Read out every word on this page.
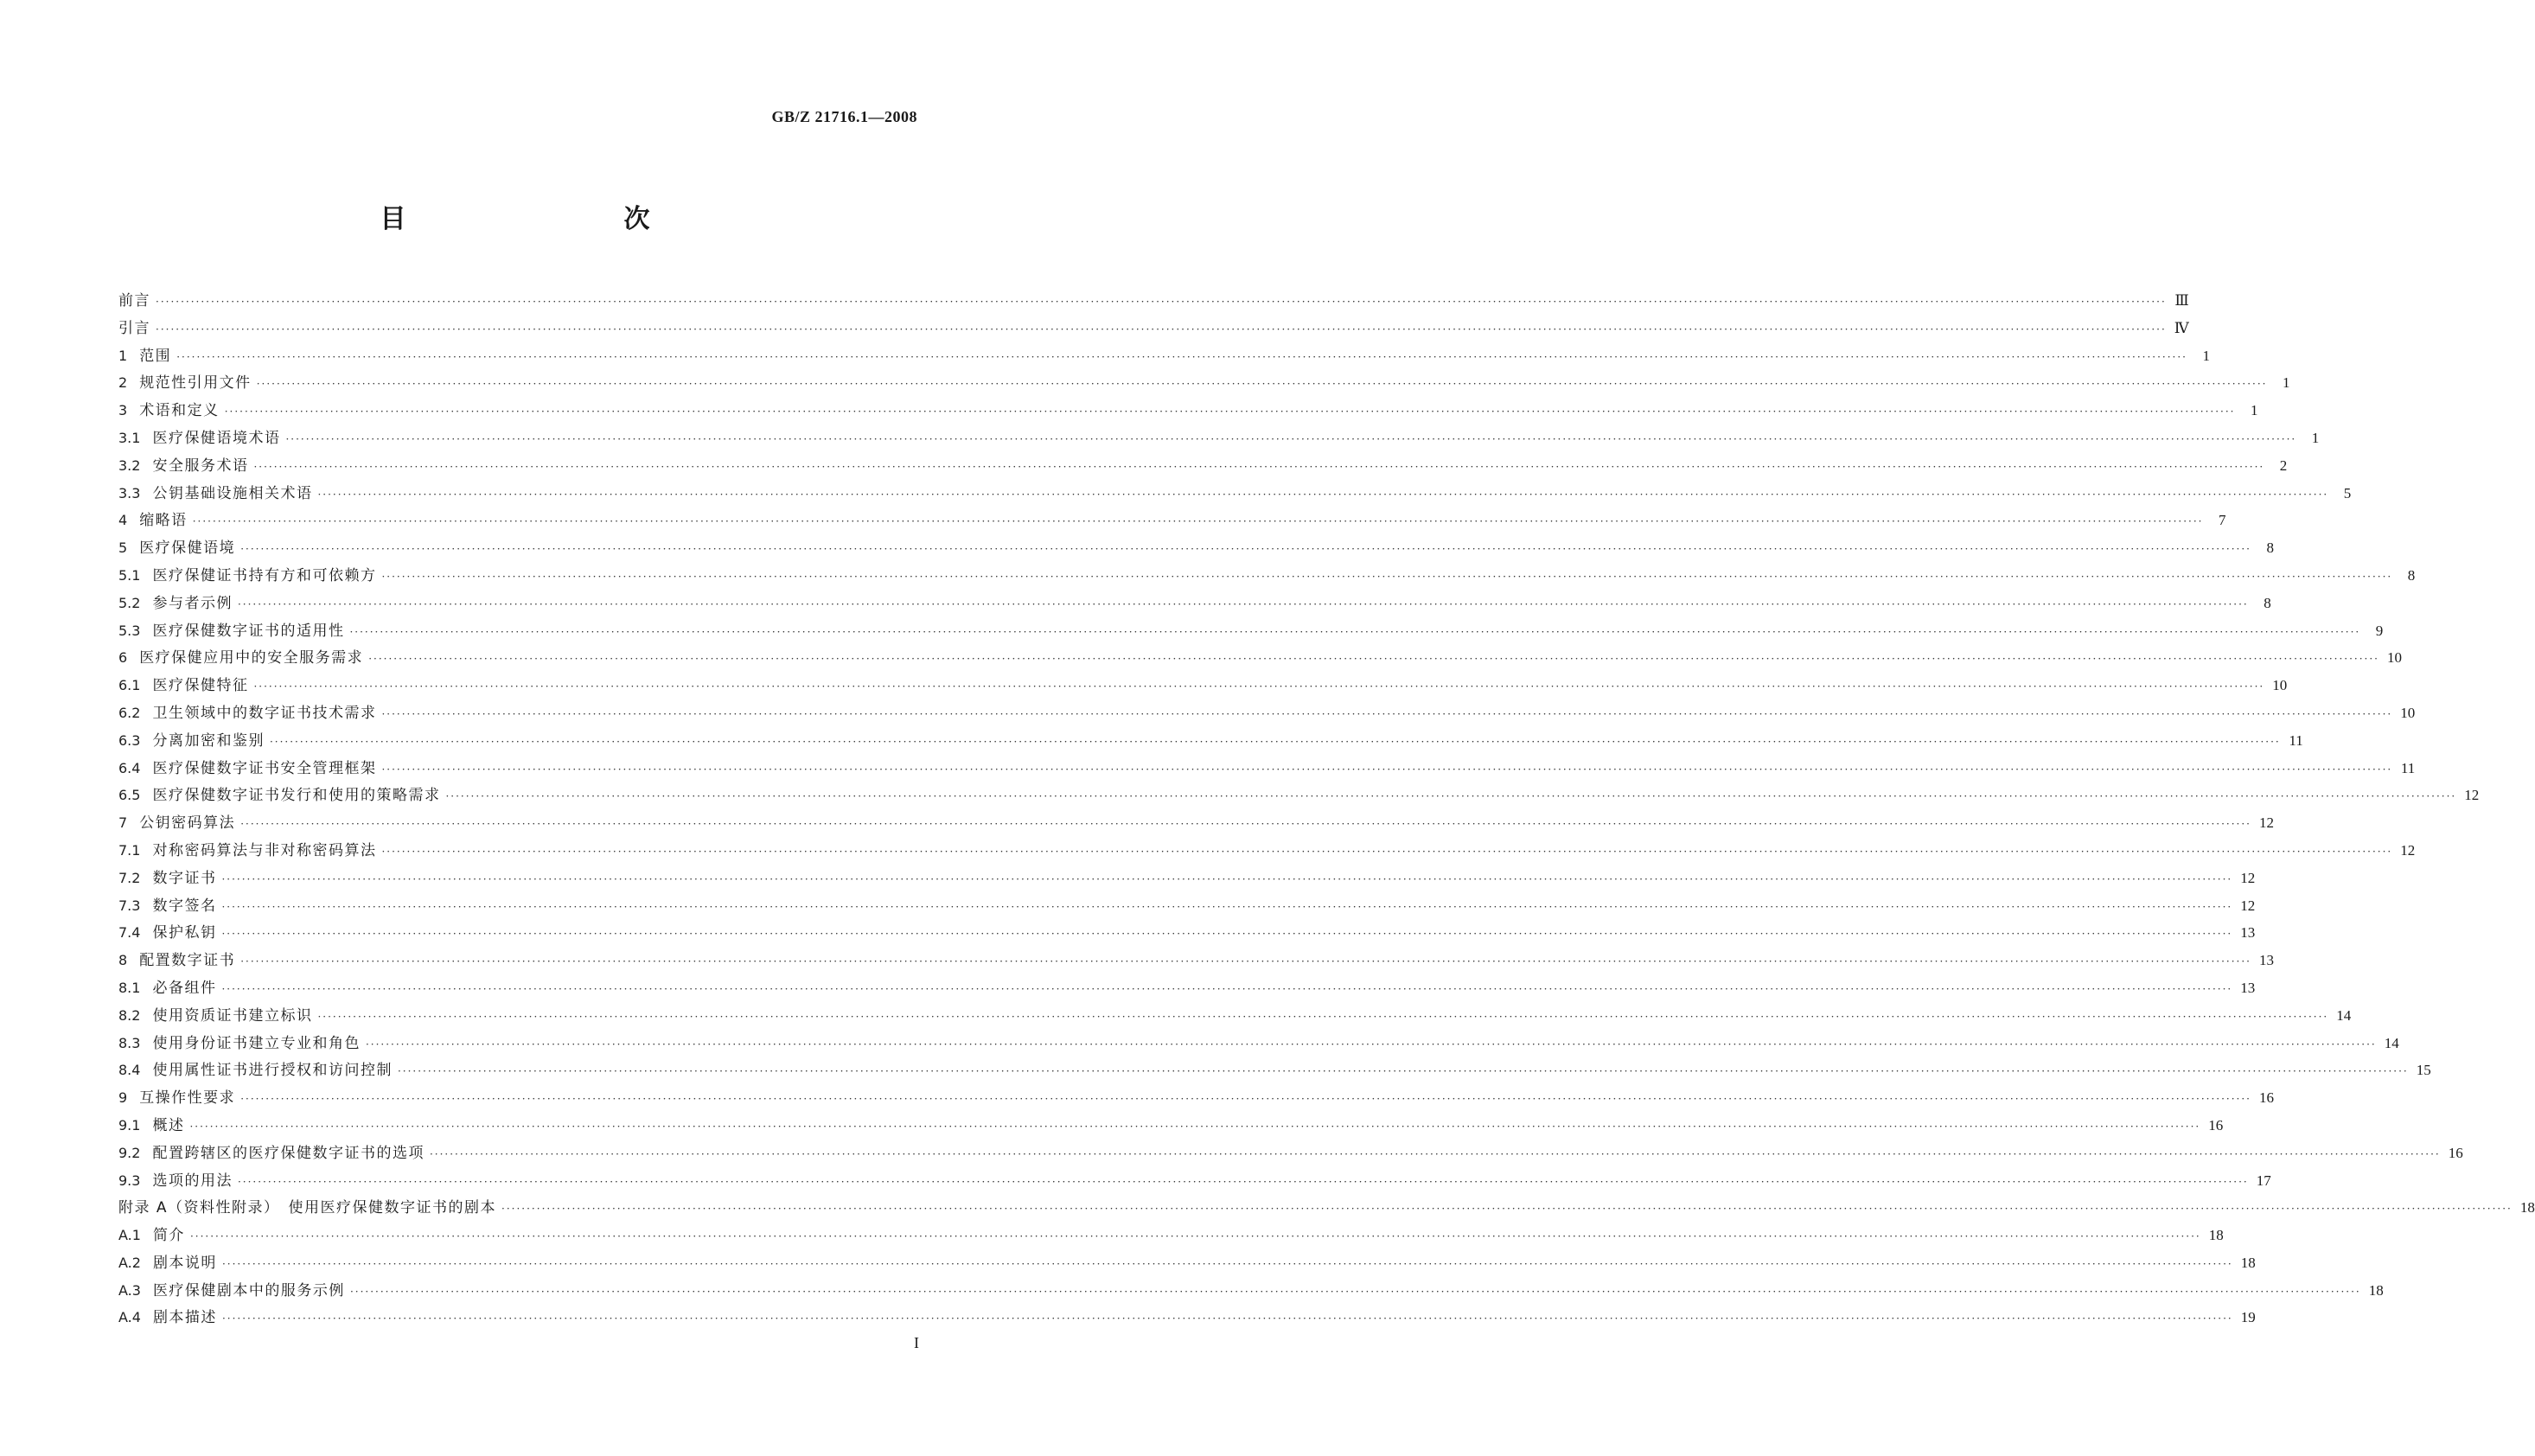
GB/Z 21716.1—2008
目　　次
前言 ················································································································································································································································································································································································································ Ⅲ
引言 ················································································································································································································································································································································································································ Ⅳ
1 范围 ················································································································································································································································································································································································································	1
2 规范性引用文件 ················································································································································································································································································································································································································	1
3 术语和定义 ················································································································································································································································································································································································································	1
3.1 医疗保健语境术语 ················································································································································································································································································································································································································	1
3.2 安全服务术语 ················································································································································································································································································································································································································	2
3.3 公钥基础设施相关术语 ················································································································································································································································································································································································································	5
4 缩略语 ················································································································································································································································································································································································································	7
5 医疗保健语境 ················································································································································································································································································································································································································	8
5.1 医疗保健证书持有方和可依赖方 ················································································································································································································································································································································································································	8
5.2 参与者示例 ················································································································································································································································································································································································································	8
5.3 医疗保健数字证书的适用性 ················································································································································································································································································································································································································	9
6 医疗保健应用中的安全服务需求 ················································································································································································································································································································································································································ 10
6.1 医疗保健特征 ················································································································································································································································································································································································································ 10
6.2 卫生领域中的数字证书技术需求 ················································································································································································································································································································································································································ 10
6.3 分离加密和鉴别 ················································································································································································································································································································································································································ 11
6.4 医疗保健数字证书安全管理框架 ················································································································································································································································································································································································································ 11
6.5 医疗保健数字证书发行和使用的策略需求 ················································································································································································································································································································································································································ 12
7 公钥密码算法 ················································································································································································································································································································································································································ 12
7.1 对称密码算法与非对称密码算法 ················································································································································································································································································································································································································ 12
7.2 数字证书 ················································································································································································································································································································································································································ 12
7.3 数字签名 ················································································································································································································································································································································································································ 12
7.4 保护私钥 ················································································································································································································································································································································································································ 13
8 配置数字证书 ················································································································································································································································································································································································································ 13
8.1 必备组件 ················································································································································································································································································································································································································ 13
8.2 使用资质证书建立标识 ················································································································································································································································································································································································································ 14
8.3 使用身份证书建立专业和角色 ················································································································································································································································································································································································································ 14
8.4 使用属性证书进行授权和访问控制 ················································································································································································································································································································································································································ 15
9 互操作性要求 ················································································································································································································································································································································································································ 16
9.1 概述 ················································································································································································································································································································································································································ 16
9.2 配置跨辖区的医疗保健数字证书的选项 ················································································································································································································································································································································································································ 16
9.3 选项的用法 ················································································································································································································································································································································································································ 17
附录 A（资料性附录）　使用医疗保健数字证书的剧本 ················································································································································································································································································································································································································ 18
A.1 简介 ················································································································································································································································································································································································································ 18
A.2 剧本说明 ················································································································································································································································································································································································································ 18
A.3 医疗保健剧本中的服务示例 ················································································································································································································································································································································································································ 18
A.4 剧本描述 ················································································································································································································································································································································································································ 19
I
